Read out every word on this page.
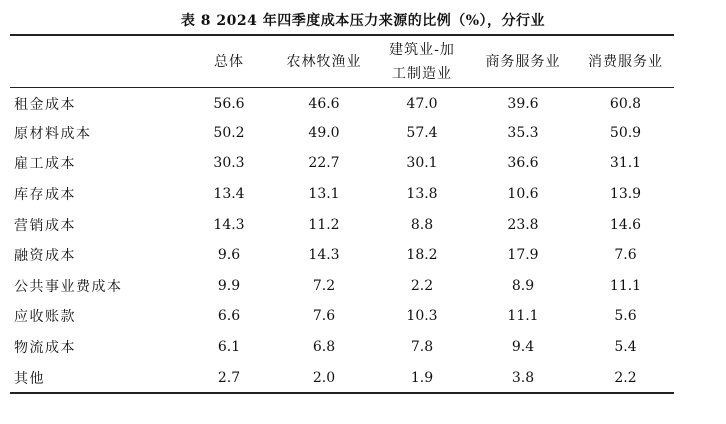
表 8 2024 年四季度成本压力来源的比例（%），分行业

	总体	农林牧渔业	建筑业-加
工制造业	商务服务业	消费服务业

租金成本	56.6	46.6	47.0	39.6	60.8
原材料成本	50.2	49.0	57.4	35.3	50.9
雇工成本	30.3	22.7	30.1	36.6	31.1
库存成本	13.4	13.1	13.8	10.6	13.9
营销成本	14.3	11.2	8.8	23.8	14.6
融资成本	9.6	14.3	18.2	17.9	7.6
公共事业费成本	9.9	7.2	2.2	8.9	11.1
应收账款	6.6	7.6	10.3	11.1	5.6
物流成本	6.1	6.8	7.8	9.4	5.4
其他	2.7	2.0	1.9	3.8	2.2
